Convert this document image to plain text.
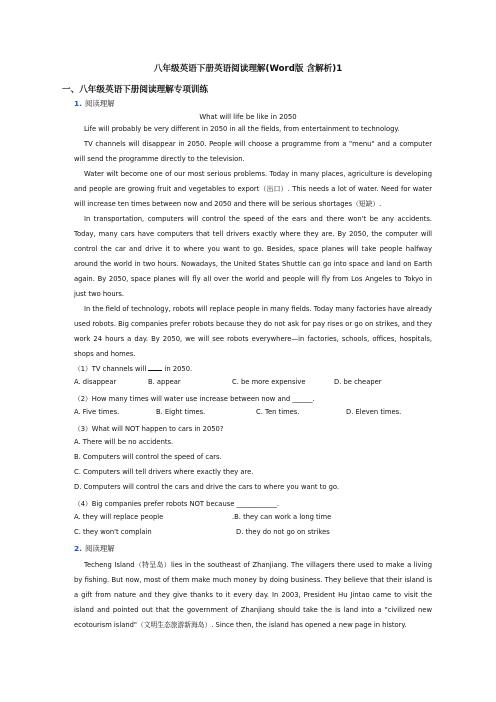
八年级英语下册英语阅读理解(Word版 含解析)1
一、八年级英语下册阅读理解专项训练
1. 阅读理解
What will life be like in 2050

Life will probably be very different in 2050 in all the fields, from entertainment to technology.

TV channels will disappear in 2050. People will choose a programme from a "menu" and a computer will send the programme directly to the television.

Water wilt become one of our most serious problems. Today in many places, agriculture is developing and people are growing fruit and vegetables to export（出口）. This needs a lot of water. Need for water will increase ten times between now and 2050 and there will be serious shortages（短缺）.

In transportation, computers will control the speed of the ears and there won't be any accidents. Today, many cars have computers that tell drivers exactly where they are. By 2050, the computer will control the car and drive it to where you want to go. Besides, space planes will take people halfway around the world in two hours. Nowadays, the United States Shuttle can go into space and land on Earth again. By 2050, space planes will fly all over the world and people will fly from Los Angeles to Tokyo in just two hours.

In the field of technology, robots will replace people in many fields. Today many factories have already used robots. Big companies prefer robots because they do not ask for pay rises or go on strikes, and they work 24 hours a day. By 2050, we will see robots everywhere—in factories, schools, offices, hospitals, shops and homes.

（1）TV channels will	in 2050.
A. disappear	B. appear	C. be more expensive	D. be cheaper
（2）How many times will water use increase between now and ______.
A. Five times.	B. Eight times.	C. Ten times.	D. Eleven times.
（3）What will NOT happen to cars in 2050?
A. There will be no accidents.
B. Computers will control the speed of cars.
C. Computers will tell drivers where exactly they are.
D. Computers will control the cars and drive the cars to where you want to go.
（4）Big companies prefer robots NOT because ____________.
A. they will replace people	.B. they can work a long time
C. they won't complain	D. they do not go on strikes
2. 阅读理解

Techeng Island（特呈岛）lies in the southeast of Zhanjiang. The villagers there used to make a living by fishing. But now, most of them make much money by doing business. They believe that their island is a gift from nature and they give thanks to it every day. In 2003, President Hu Jintao came to visit the island and pointed out that the government of Zhanjiang should take the is land into a "civilized new ecotourism island"（文明生态旅游新海岛）. Since then, the island has opened a new page in history.
